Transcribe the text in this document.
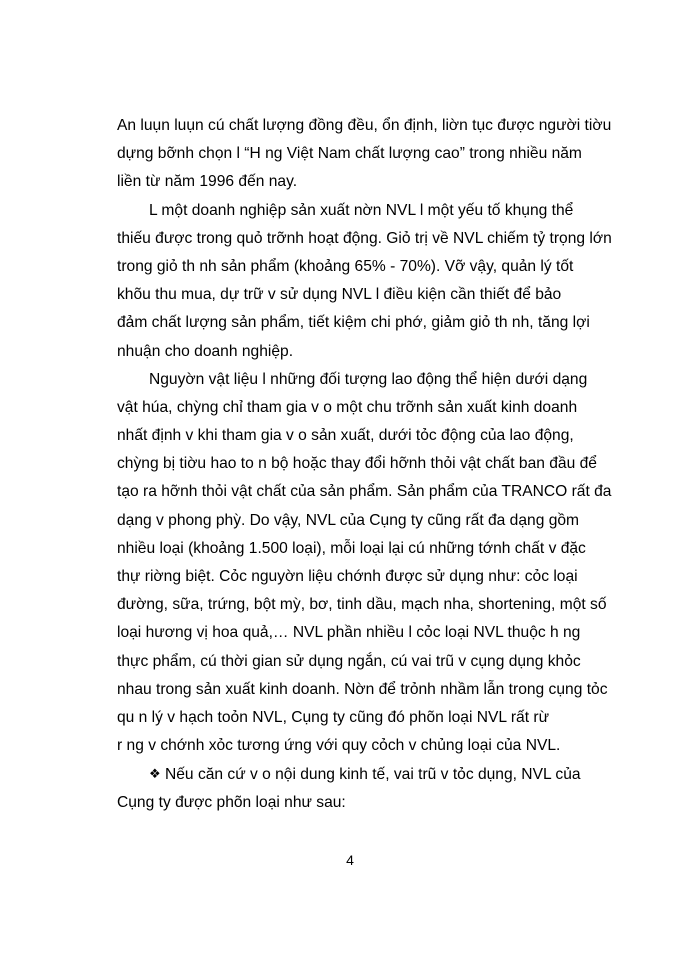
An luụn luụn cú chất lượng đồng đều, ổn định, liờn tục được người tiờu
dựng bỡnh chọn l “H ng Việt Nam chất lượng cao” trong nhiều năm
liền từ năm 1996 đến nay.
L một doanh nghiệp sản xuất nờn NVL l một yếu tố khụng thể
thiếu được trong quỏ trỡnh hoạt động. Giỏ trị về NVL chiếm tỷ trọng lớn
trong giỏ th nh sản phẩm (khoảng 65% - 70%). Vỡ vậy, quản lý tốt
khõu thu mua, dự trữ v sử dụng NVL l điều kiện cần thiết để bảo
đảm chất lượng sản phẩm, tiết kiệm chi phớ, giảm giỏ th nh, tăng lợi
nhuận cho doanh nghiệp.
Nguyờn vật liệu l những đối tượng lao động thể hiện dưới dạng
vật húa, chỳng chỉ tham gia v o một chu trỡnh sản xuất kinh doanh
nhất định v khi tham gia v o sản xuất, dưới tỏc động của lao động,
chỳng bị tiờu hao to n bộ hoặc thay đổi hỡnh thỏi vật chất ban đầu để
tạo ra hỡnh thỏi vật chất của sản phẩm. Sản phẩm của TRANCO rất đa
dạng v phong phỳ. Do vậy, NVL của Cụng ty cũng rất đa dạng gồm
nhiều loại (khoảng 1.500 loại), mỗi loại lại cú những tớnh chất v đặc
thự riờng biệt. Cỏc nguyờn liệu chớnh được sử dụng như: cỏc loại
đường, sữa, trứng, bột mỳ, bơ, tinh dầu, mạch nha, shortening, một số
loại hương vị hoa quả,… NVL phần nhiều l cỏc loại NVL thuộc h ng
thực phẩm, cú thời gian sử dụng ngắn, cú vai trũ v cụng dụng khỏc
nhau trong sản xuất kinh doanh. Nờn để trỏnh nhầm lẫn trong cụng tỏc
qu n lý v hạch toỏn NVL, Cụng ty cũng đó phõn loại NVL rất rừ
r ng v chớnh xỏc tương ứng với quy cỏch v chủng loại của NVL.
❖ Nếu căn cứ v o nội dung kinh tế, vai trũ v tỏc dụng, NVL của
Cụng ty được phõn loại như sau:
4
